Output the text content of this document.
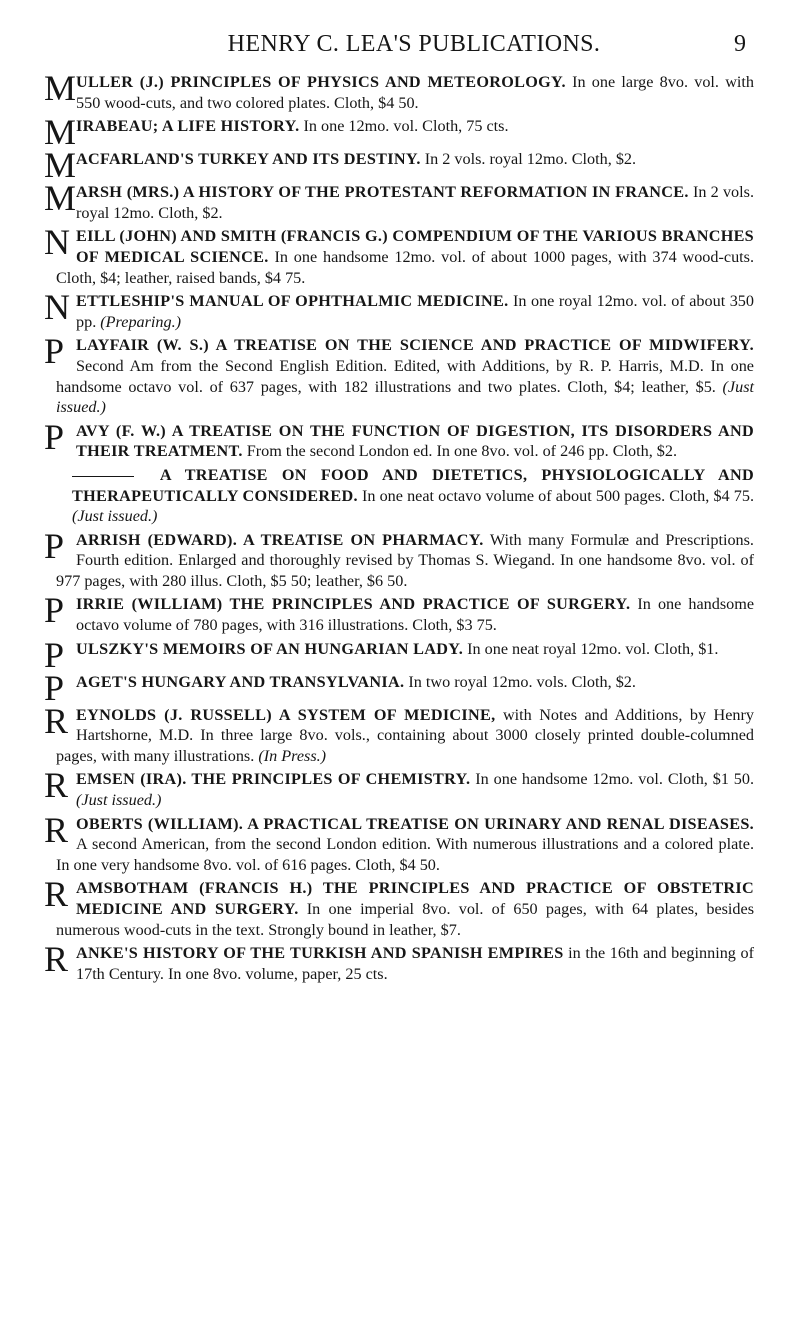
HENRY C. LEA'S PUBLICATIONS.	9
M ULLER (J.) PRINCIPLES OF PHYSICS AND METEOROLOGY. In one large 8vo. vol. with 550 wood-cuts, and two colored plates. Cloth, $4 50.
M IRABEAU; A LIFE HISTORY. In one 12mo. vol. Cloth, 75 cts.
M ACFARLAND'S TURKEY AND ITS DESTINY. In 2 vols. royal 12mo. Cloth, $2.
M ARSH (MRS.) A HISTORY OF THE PROTESTANT REFORMATION IN FRANCE. In 2 vols. royal 12mo. Cloth, $2.
N EILL (JOHN) AND SMITH (FRANCIS G.) COMPENDIUM OF THE VARIOUS BRANCHES OF MEDICAL SCIENCE. In one handsome 12mo. vol. of about 1000 pages, with 374 wood-cuts. Cloth, $4; leather, raised bands, $4 75.
N ETTLESHIP'S MANUAL OF OPHTHALMIC MEDICINE. In one royal 12mo. vol. of about 350 pp. (Preparing.)
P LAYFAIR (W. S.) A TREATISE ON THE SCIENCE AND PRACTICE OF MIDWIFERY. Second Am from the Second English Edition. Edited, with Additions, by R. P. Harris, M.D. In one handsome octavo vol. of 637 pages, with 182 illustrations and two plates. Cloth, $4; leather, $5. (Just issued.)
P AVY (F. W.) A TREATISE ON THE FUNCTION OF DIGESTION, ITS DISORDERS AND THEIR TREATMENT. From the second London ed. In one 8vo. vol. of 246 pp. Cloth, $2.
A TREATISE ON FOOD AND DIETETICS, PHYSIOLOGICALLY AND THERAPEUTICALLY CONSIDERED. In one neat octavo volume of about 500 pages. Cloth, $4 75. (Just issued.)
P ARRISH (EDWARD). A TREATISE ON PHARMACY. With many Formulæ and Prescriptions. Fourth edition. Enlarged and thoroughly revised by Thomas S. Wiegand. In one handsome 8vo. vol. of 977 pages, with 280 illus. Cloth, $5 50; leather, $6 50.
P IRRIE (WILLIAM) THE PRINCIPLES AND PRACTICE OF SURGERY. In one handsome octavo volume of 780 pages, with 316 illustrations. Cloth, $3 75.
P ULSZKY'S MEMOIRS OF AN HUNGARIAN LADY. In one neat royal 12mo. vol. Cloth, $1.
P AGET'S HUNGARY AND TRANSYLVANIA. In two royal 12mo. vols. Cloth, $2.
R EYNOLDS (J. RUSSELL) A SYSTEM OF MEDICINE, with Notes and Additions, by Henry Hartshorne, M.D. In three large 8vo. vols., containing about 3000 closely printed double-columned pages, with many illustrations. (In Press.)
R EMSEN (IRA). THE PRINCIPLES OF CHEMISTRY. In one handsome 12mo. vol. Cloth, $1 50. (Just issued.)
R OBERTS (WILLIAM). A PRACTICAL TREATISE ON URINARY AND RENAL DISEASES. A second American, from the second London edition. With numerous illustrations and a colored plate. In one very handsome 8vo. vol. of 616 pages. Cloth, $4 50.
R AMSBOTHAM (FRANCIS H.) THE PRINCIPLES AND PRACTICE OF OBSTETRIC MEDICINE AND SURGERY. In one imperial 8vo. vol. of 650 pages, with 64 plates, besides numerous wood-cuts in the text. Strongly bound in leather, $7.
R ANKE'S HISTORY OF THE TURKISH AND SPANISH EMPIRES in the 16th and beginning of 17th Century. In one 8vo. volume, paper, 25 cts.
